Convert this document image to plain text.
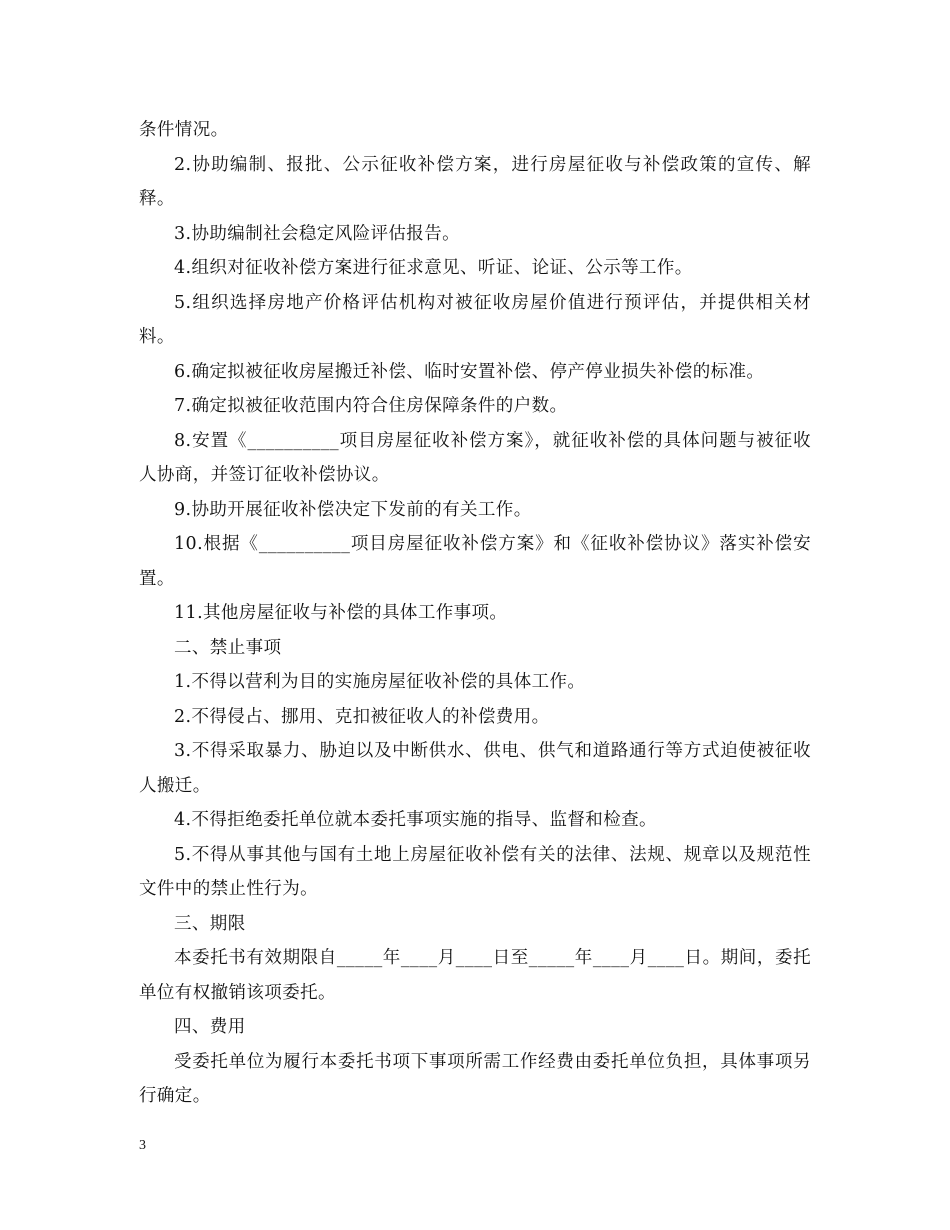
条件情况。

2.协助编制、报批、公示征收补偿方案，进行房屋征收与补偿政策的宣传、解释。

3.协助编制社会稳定风险评估报告。

4.组织对征收补偿方案进行征求意见、听证、论证、公示等工作。

5.组织选择房地产价格评估机构对被征收房屋价值进行预评估，并提供相关材料。

6.确定拟被征收房屋搬迁补偿、临时安置补偿、停产停业损失补偿的标准。

7.确定拟被征收范围内符合住房保障条件的户数。

8.安置《__________项目房屋征收补偿方案》，就征收补偿的具体问题与被征收人协商，并签订征收补偿协议。

9.协助开展征收补偿决定下发前的有关工作。

10.根据《__________项目房屋征收补偿方案》和《征收补偿协议》落实补偿安置。

11.其他房屋征收与补偿的具体工作事项。

二、禁止事项

1.不得以营利为目的实施房屋征收补偿的具体工作。

2.不得侵占、挪用、克扣被征收人的补偿费用。

3.不得采取暴力、胁迫以及中断供水、供电、供气和道路通行等方式迫使被征收人搬迁。

4.不得拒绝委托单位就本委托事项实施的指导、监督和检查。

5.不得从事其他与国有土地上房屋征收补偿有关的法律、法规、规章以及规范性文件中的禁止性行为。

三、期限

本委托书有效期限自_____年____月____日至_____年____月____日。期间，委托单位有权撤销该项委托。

四、费用

受委托单位为履行本委托书项下事项所需工作经费由委托单位负担，具体事项另行确定。

3
